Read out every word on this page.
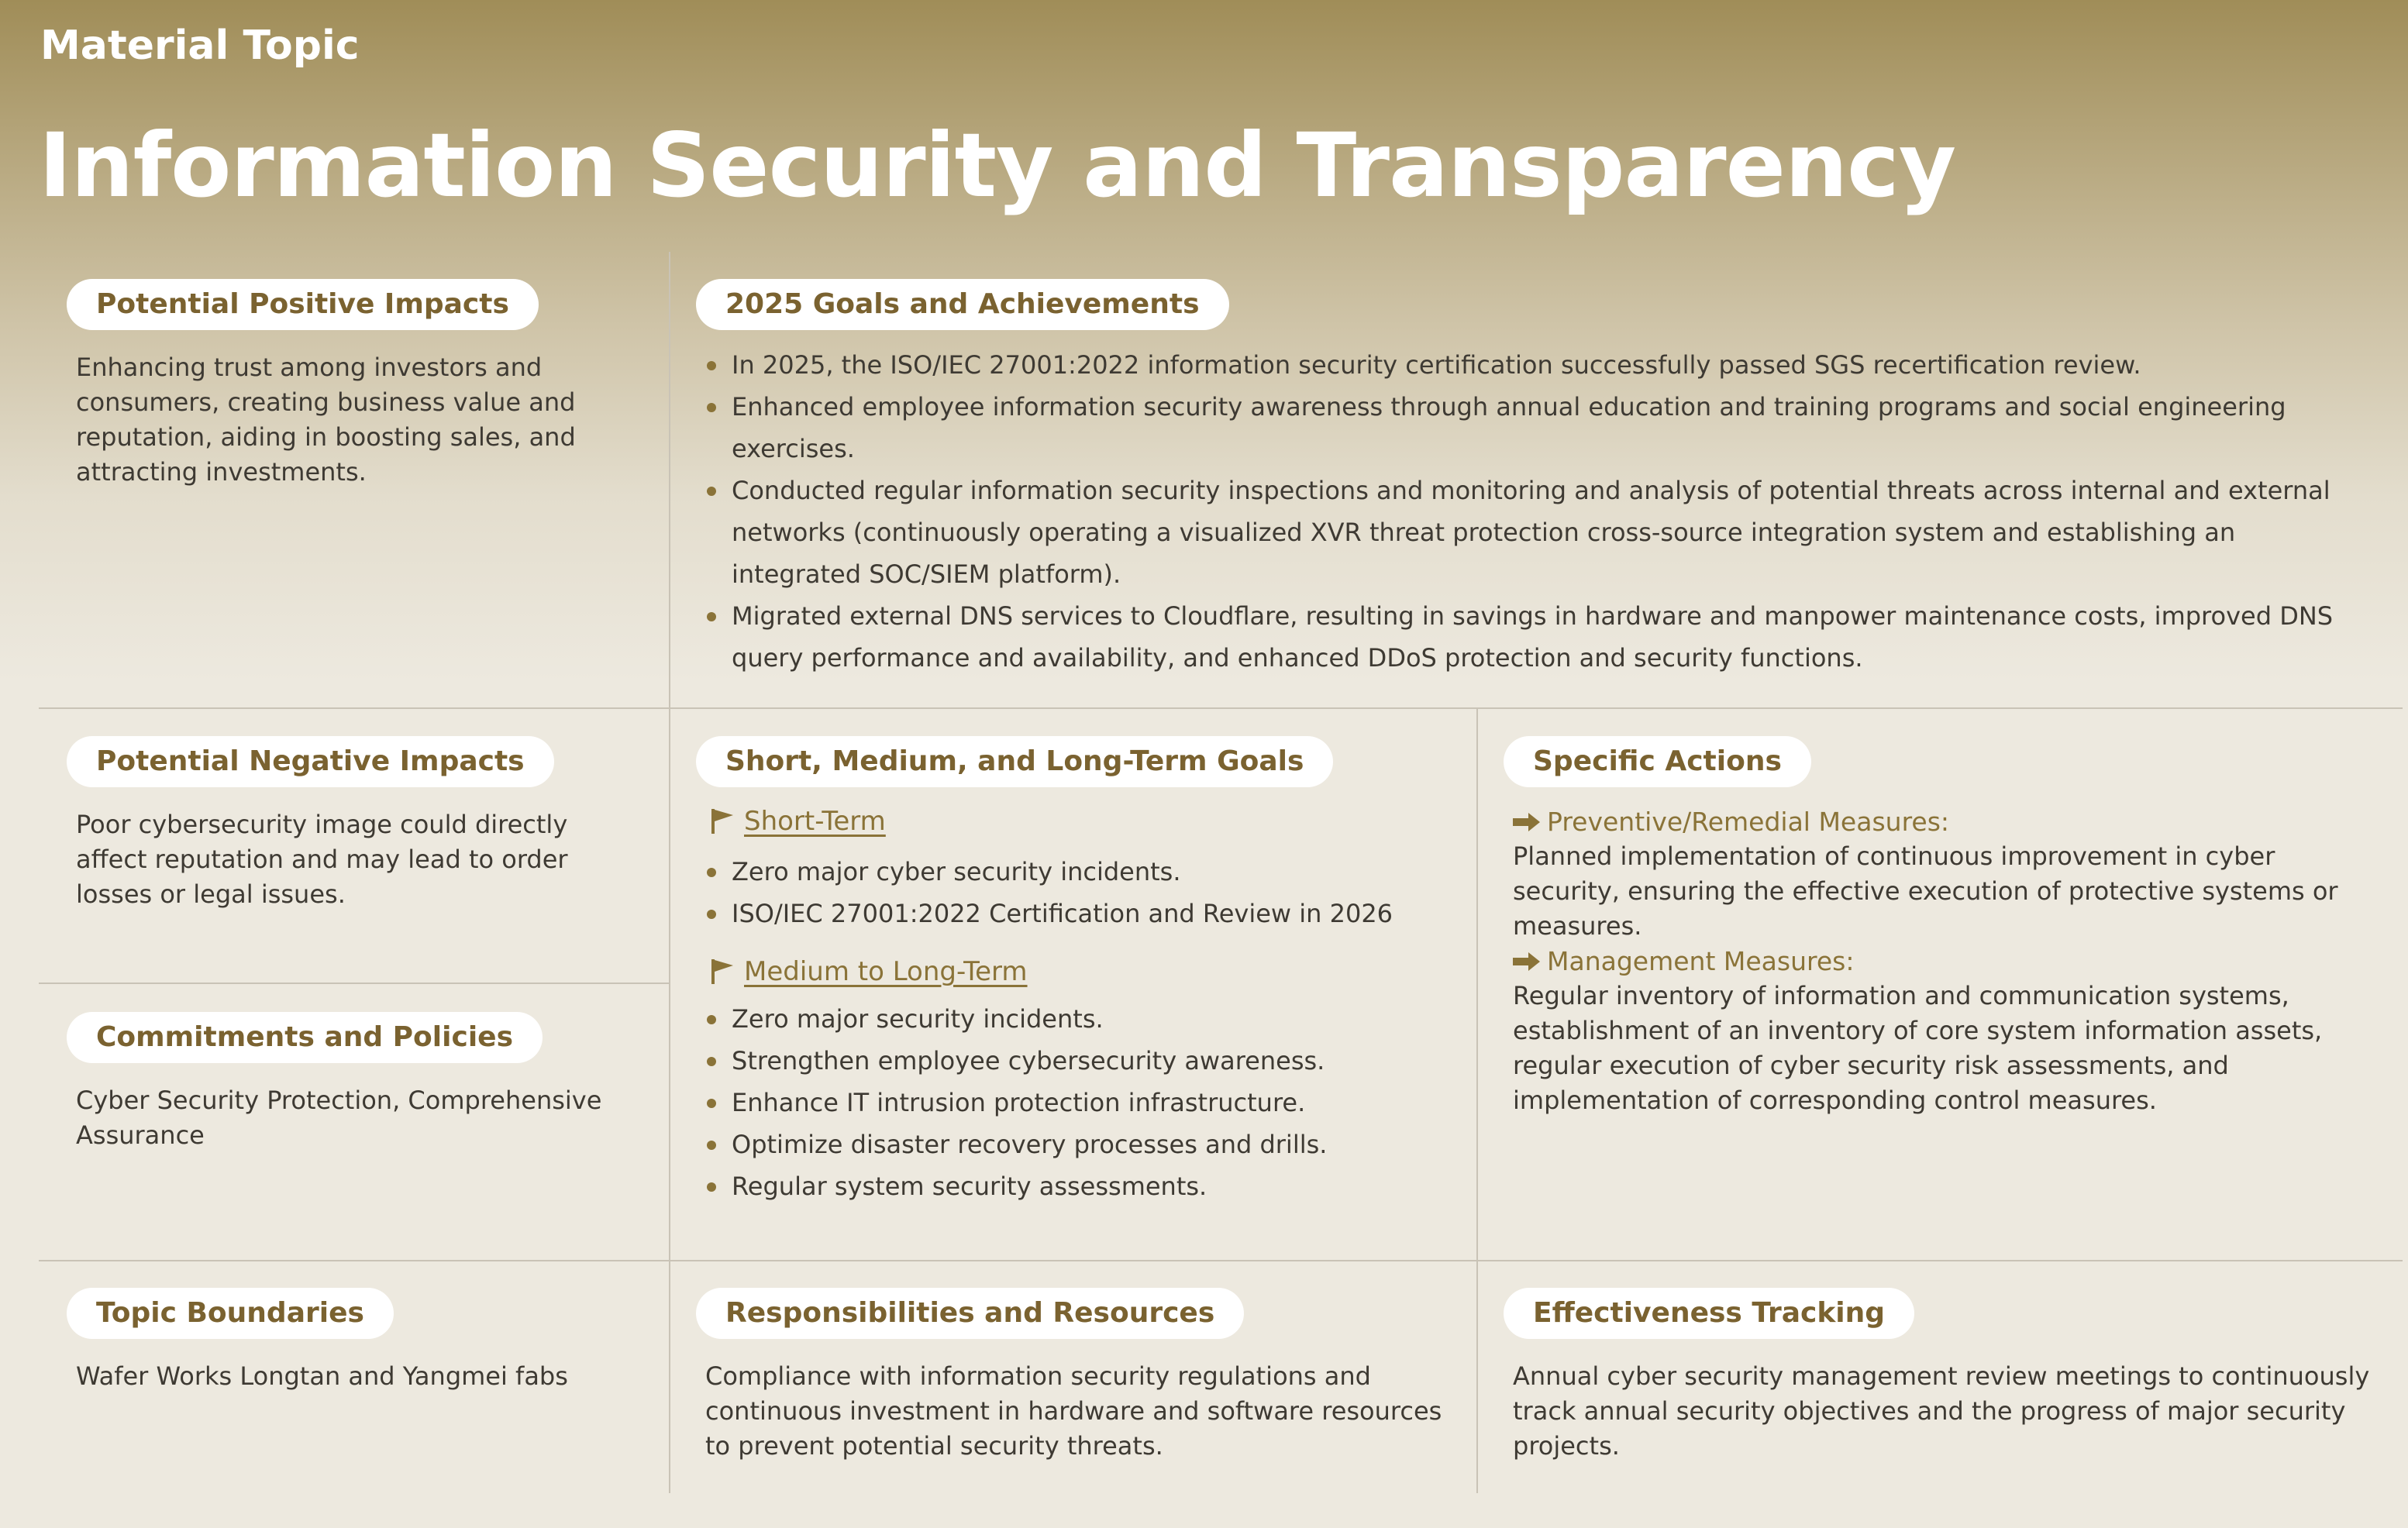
Material Topic
Information Security and Transparency
Potential Positive Impacts

Enhancing trust among investors and consumers, creating business value and reputation, aiding in boosting sales, and attracting investments.

2025 Goals and Achievements
In 2025, the ISO/IEC 27001:2022 information security certification successfully passed SGS recertification review.
Enhanced employee information security awareness through annual education and training programs and social engineering exercises.
Conducted regular information security inspections and monitoring and analysis of potential threats across internal and external networks (continuously operating a visualized XVR threat protection cross-source integration system and establishing an integrated SOC/SIEM platform).
Migrated external DNS services to Cloudflare, resulting in savings in hardware and manpower maintenance costs, improved DNS query performance and availability, and enhanced DDoS protection and security functions.
Potential Negative Impacts

Poor cybersecurity image could directly affect reputation and may lead to order losses or legal issues.

Commitments and Policies

Cyber Security Protection, Comprehensive Assurance

Short, Medium, and Long-Term Goals
Short-Term
Zero major cyber security incidents.
ISO/IEC 27001:2022 Certification and Review in 2026
Medium to Long-Term
Zero major security incidents.
Strengthen employee cybersecurity awareness.
Enhance IT intrusion protection infrastructure.
Optimize disaster recovery processes and drills.
Regular system security assessments.
Specific Actions
Preventive/Remedial Measures:
Planned implementation of continuous improvement in cyber security, ensuring the effective execution of protective systems or measures.
Management Measures:
Regular inventory of information and communication systems, establishment of an inventory of core system information assets, regular execution of cyber security risk assessments, and implementation of corresponding control measures.
Topic Boundaries

Wafer Works Longtan and Yangmei fabs

Responsibilities and Resources

Compliance with information security regulations and continuous investment in hardware and software resources to prevent potential security threats.

Effectiveness Tracking

Annual cyber security management review meetings to continuously track annual security objectives and the progress of major security projects.
